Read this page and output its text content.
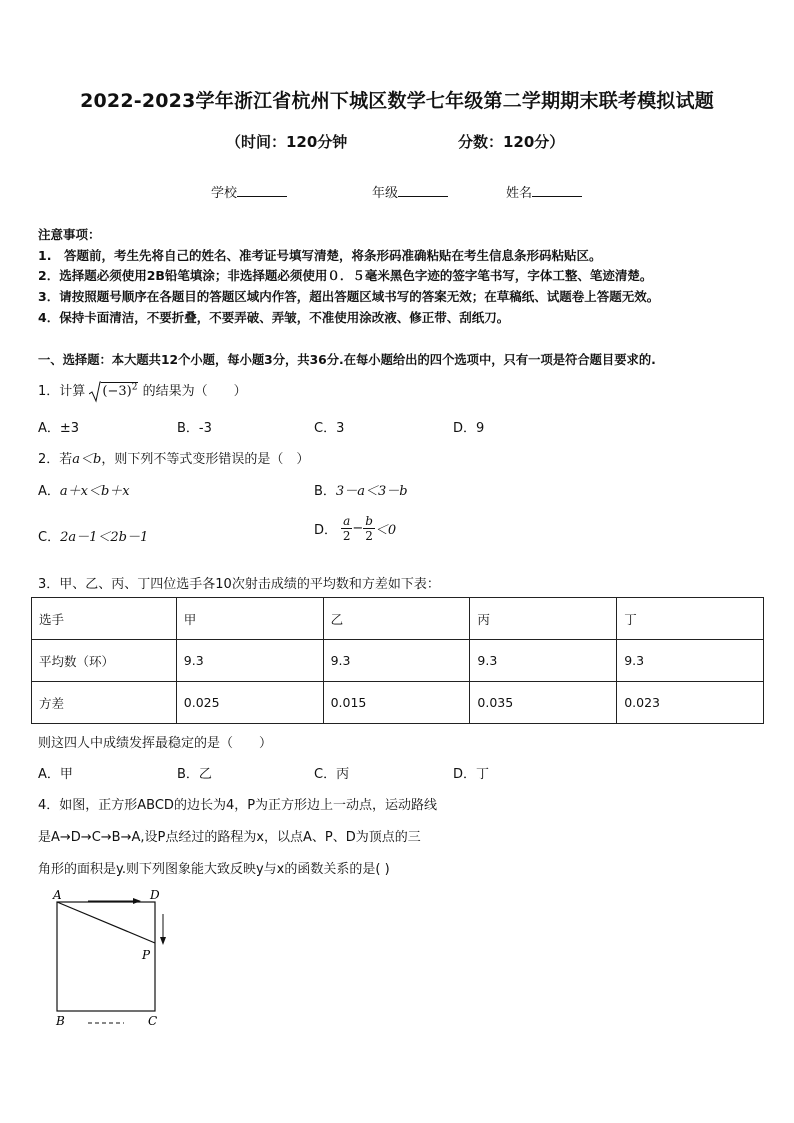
2022-2023学年浙江省杭州下城区数学七年级第二学期期末联考模拟试题
（时间：120分钟	分数：120分）
学校	年级	姓名
注意事项：
1.　答题前，考生先将自己的姓名、准考证号填写清楚，将条形码准确粘贴在考生信息条形码粘贴区。
2．选择题必须使用2B铅笔填涂；非选择题必须使用０．５毫米黑色字迹的签字笔书写，字体工整、笔迹清楚。
3．请按照题号顺序在各题目的答题区域内作答，超出答题区域书写的答案无效；在草稿纸、试题卷上答题无效。
4．保持卡面清洁，不要折叠，不要弄破、弄皱，不准使用涂改液、修正带、刮纸刀。
一、选择题：本大题共12个小题，每小题3分，共36分.在每小题给出的四个选项中，只有一项是符合题目要求的.
1．计算 $(-3)^2$ 的结果为（　　）
A．±3	B．-3	C．3	D．9
2．若a＜b，则下列不等式变形错误的是（　）
A．a＋x＜b＋x	B．3－a＜3－b
C．2a－1＜2b－1	D． $\frac{a}{2} - \frac{b}{2} <0$
3．甲、乙、丙、丁四位选手各10次射击成绩的平均数和方差如下表：
选手	甲	乙	丙	丁
平均数（环）	9.3	9.3	9.3	9.3
方差	0.025	0.015	0.035	0.023
则这四人中成绩发挥最稳定的是（　　）
A．甲	B．乙	C．丙	D．丁
4．如图，正方形ABCD的边长为4，P为正方形边上一动点，运动路线
是A→D→C→B→A,设P点经过的路程为x，以点A、P、D为顶点的三
角形的面积是y.则下列图象能大致反映y与x的函数关系的是( )
A	D
P
B	C
